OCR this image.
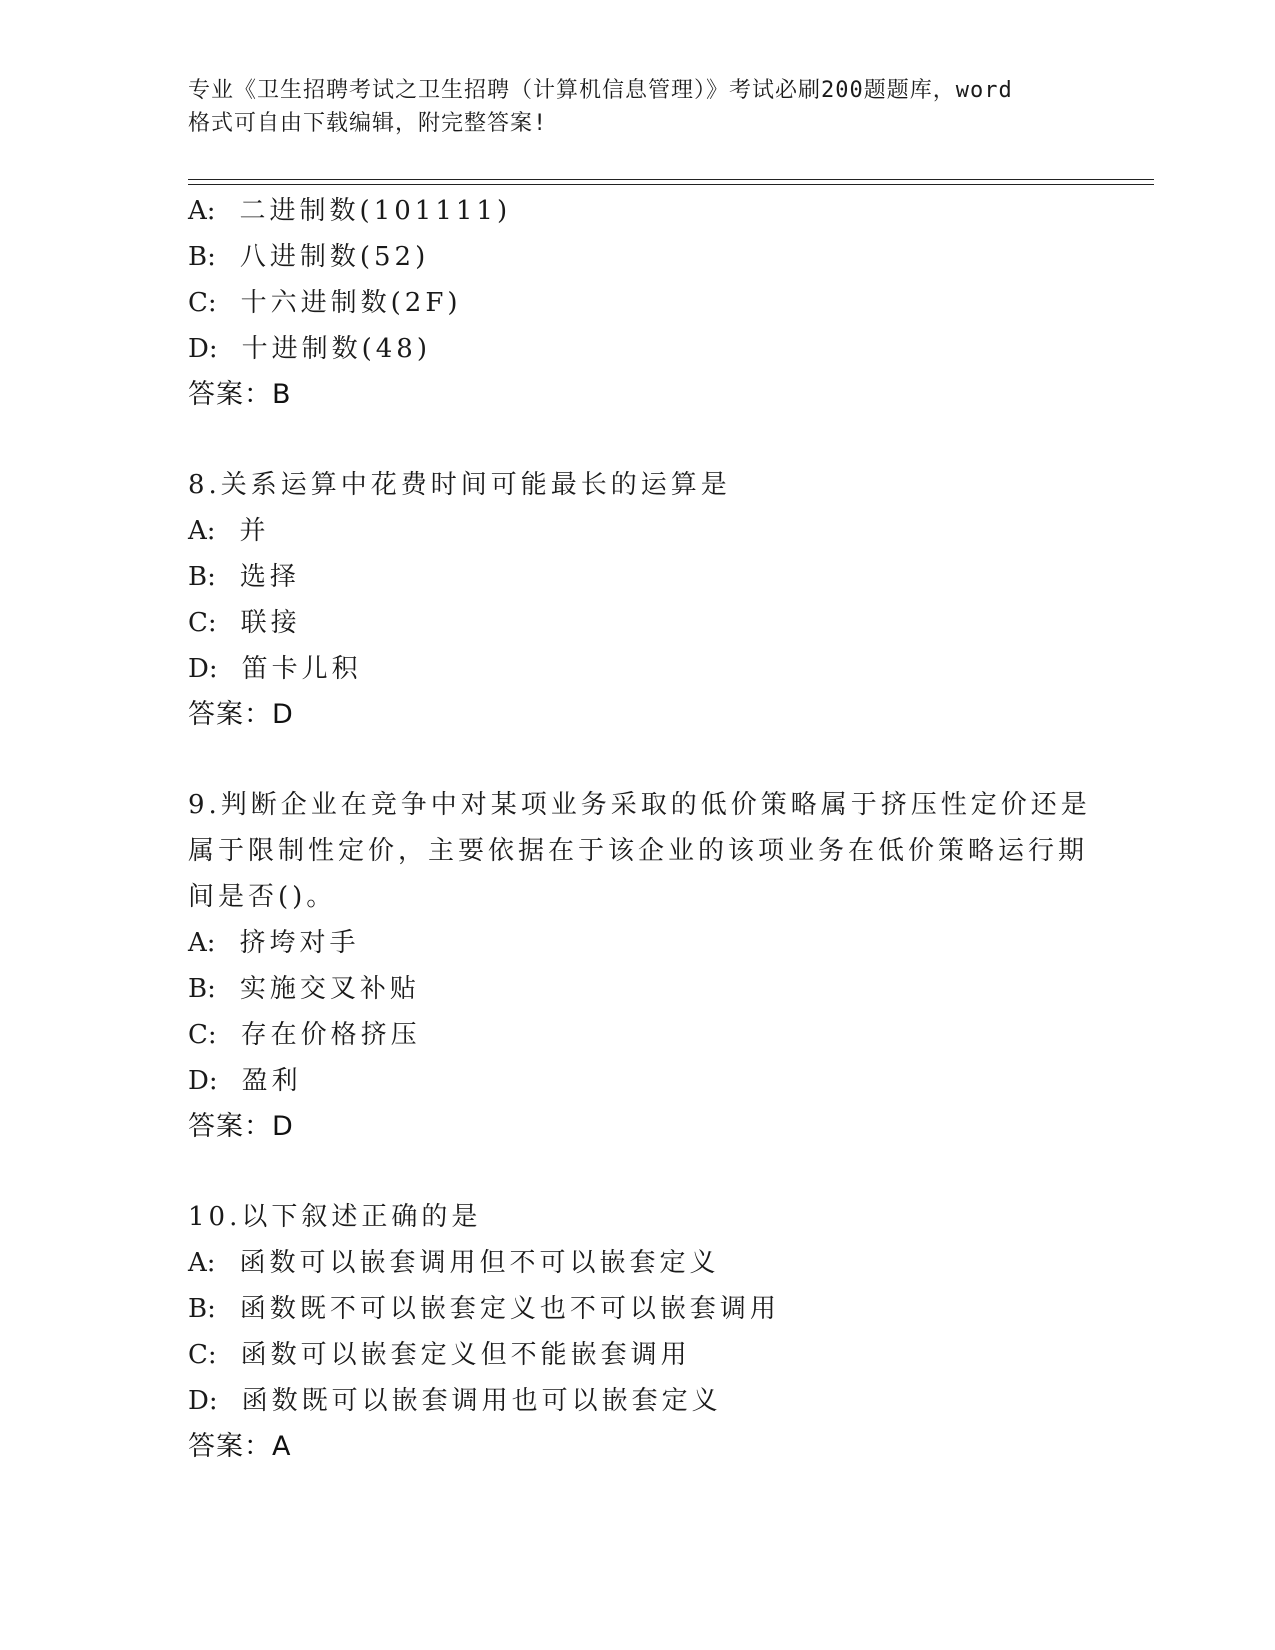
专业《卫生招聘考试之卫生招聘（计算机信息管理）》考试必刷200题题库，word
格式可自由下载编辑，附完整答案!
A: 二进制数(101111)
B: 八进制数(52)
C: 十六进制数(2F)
D: 十进制数(48)
答案：B
8.关系运算中花费时间可能最长的运算是
A: 并
B: 选择
C: 联接
D: 笛卡儿积
答案：D
9.判断企业在竞争中对某项业务采取的低价策略属于挤压性定价还是
属于限制性定价，主要依据在于该企业的该项业务在低价策略运行期
间是否()。
A: 挤垮对手
B: 实施交叉补贴
C: 存在价格挤压
D: 盈利
答案：D
10.以下叙述正确的是
A: 函数可以嵌套调用但不可以嵌套定义
B: 函数既不可以嵌套定义也不可以嵌套调用
C: 函数可以嵌套定义但不能嵌套调用
D: 函数既可以嵌套调用也可以嵌套定义
答案：A
